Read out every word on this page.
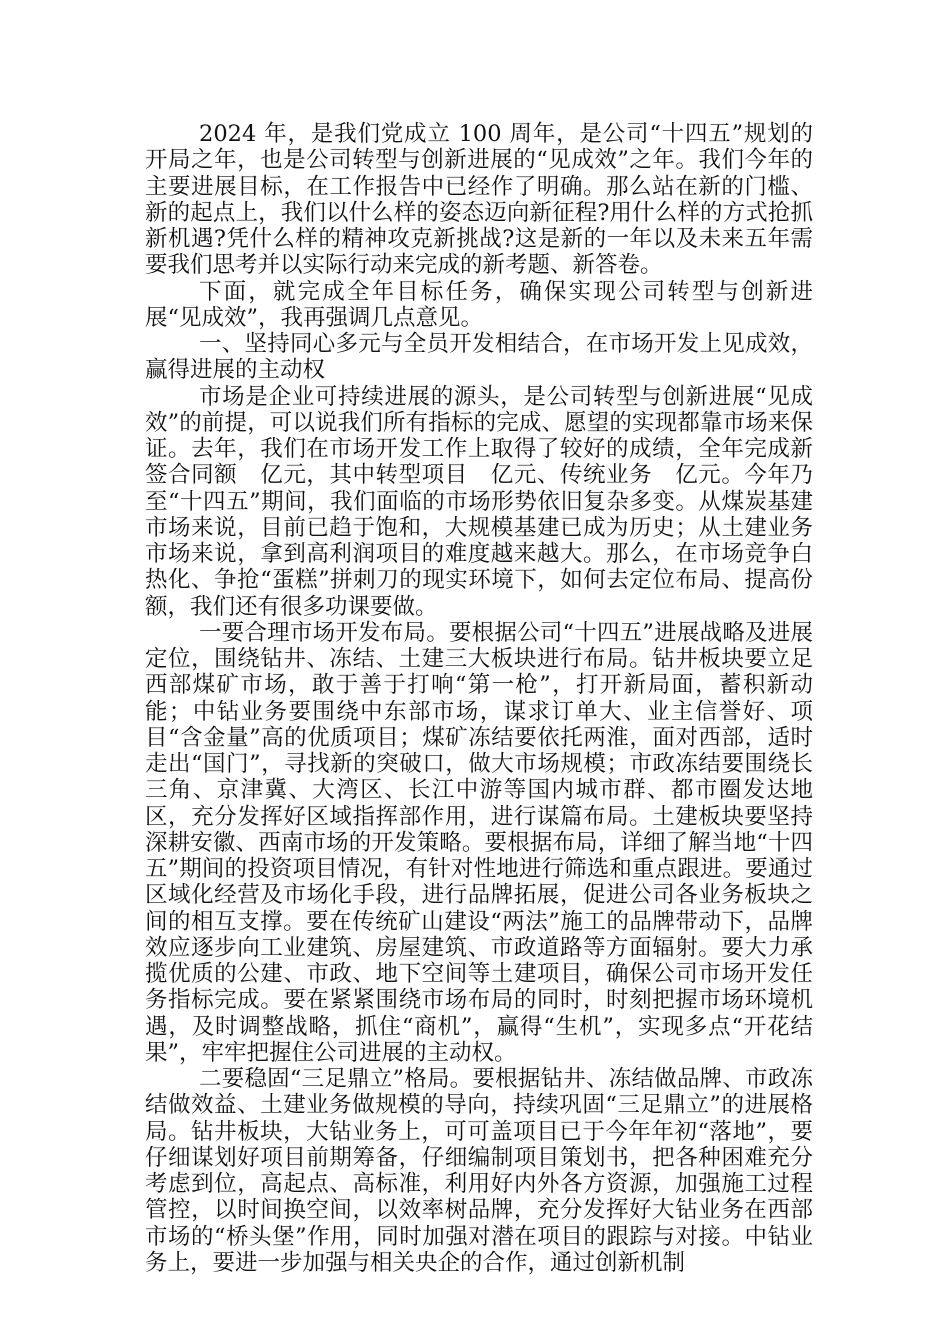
2024 年，是我们党成立 100 周年，是公司“十四五”规划的开局之年，也是公司转型与创新进展的“见成效”之年。我们今年的主要进展目标，在工作报告中已经作了明确。那么站在新的门槛、新的起点上，我们以什么样的姿态迈向新征程?用什么样的方式抢抓新机遇?凭什么样的精神攻克新挑战?这是新的一年以及未来五年需要我们思考并以实际行动来完成的新考题、新答卷。

下面，就完成全年目标任务，确保实现公司转型与创新进展“见成效”，我再强调几点意见。

一、坚持同心多元与全员开发相结合，在市场开发上见成效，赢得进展的主动权

市场是企业可持续进展的源头，是公司转型与创新进展“见成效”的前提，可以说我们所有指标的完成、愿望的实现都靠市场来保证。去年，我们在市场开发工作上取得了较好的成绩，全年完成新签合同额　亿元，其中转型项目　亿元、传统业务　亿元。今年乃至“十四五”期间，我们面临的市场形势依旧复杂多变。从煤炭基建市场来说，目前已趋于饱和，大规模基建已成为历史；从土建业务市场来说，拿到高利润项目的难度越来越大。那么，在市场竞争白热化、争抢“蛋糕”拼刺刀的现实环境下，如何去定位布局、提高份额，我们还有很多功课要做。

一要合理市场开发布局。要根据公司“十四五”进展战略及进展定位，围绕钻井、冻结、土建三大板块进行布局。钻井板块要立足西部煤矿市场，敢于善于打响“第一枪”，打开新局面，蓄积新动能；中钻业务要围绕中东部市场，谋求订单大、业主信誉好、项目“含金量”高的优质项目；煤矿冻结要依托两淮，面对西部，适时走出“国门”，寻找新的突破口，做大市场规模；市政冻结要围绕长三角、京津冀、大湾区、长江中游等国内城市群、都市圈发达地区，充分发挥好区域指挥部作用，进行谋篇布局。土建板块要坚持深耕安徽、西南市场的开发策略。要根据布局，详细了解当地“十四五”期间的投资项目情况，有针对性地进行筛选和重点跟进。要通过区域化经营及市场化手段，进行品牌拓展，促进公司各业务板块之间的相互支撑。要在传统矿山建设“两法”施工的品牌带动下，品牌效应逐步向工业建筑、房屋建筑、市政道路等方面辐射。要大力承揽优质的公建、市政、地下空间等土建项目，确保公司市场开发任务指标完成。要在紧紧围绕市场布局的同时，时刻把握市场环境机遇，及时调整战略，抓住“商机”，赢得“生机”，实现多点“开花结果”，牢牢把握住公司进展的主动权。

二要稳固“三足鼎立”格局。要根据钻井、冻结做品牌、市政冻结做效益、土建业务做规模的导向，持续巩固“三足鼎立”的进展格局。钻井板块，大钻业务上，可可盖项目已于今年年初“落地”，要仔细谋划好项目前期筹备，仔细编制项目策划书，把各种困难充分考虑到位，高起点、高标准，利用好内外各方资源，加强施工过程管控，以时间换空间，以效率树品牌，充分发挥好大钻业务在西部市场的“桥头堡”作用，同时加强对潜在项目的跟踪与对接。中钻业务上，要进一步加强与相关央企的合作，通过创新机制
